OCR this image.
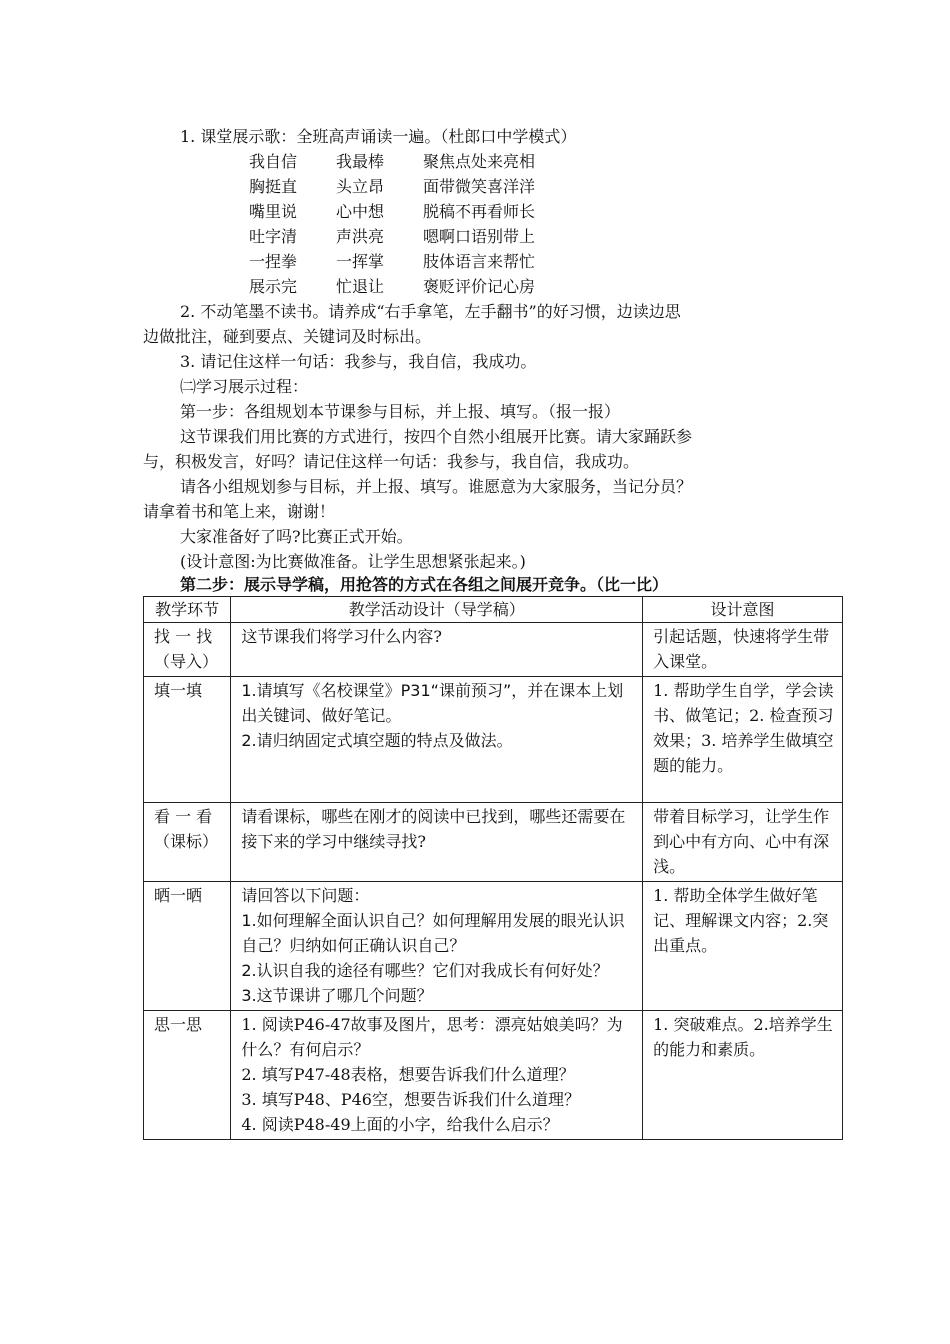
1. 课堂展示歌：全班高声诵读一遍。（杜郎口中学模式）
我自信 我最棒 聚焦点处来亮相
胸挺直 头立昂 面带微笑喜洋洋
嘴里说 心中想 脱稿不再看师长
吐字清 声洪亮 嗯啊口语别带上
一捏拳 一挥掌 肢体语言来帮忙
展示完 忙退让 褒贬评价记心房
2. 不动笔墨不读书。请养成“右手拿笔，左手翻书”的好习惯，边读边思
边做批注，碰到要点、关键词及时标出。
3. 请记住这样一句话：我参与，我自信，我成功。
㈡学习展示过程：
第一步：各组规划本节课参与目标，并上报、填写。（报一报）
这节课我们用比赛的方式进行，按四个自然小组展开比赛。请大家踊跃参
与，积极发言，好吗？请记住这样一句话：我参与，我自信，我成功。
请各小组规划参与目标，并上报、填写。谁愿意为大家服务，当记分员？
请拿着书和笔上来，谢谢！
大家准备好了吗?比赛正式开始。
(设计意图:为比赛做准备。让学生思想紧张起来。)
第二步：展示导学稿，用抢答的方式在各组之间展开竞争。（比一比）
教学环节	教学活动设计（导学稿）	设计意图

找 一 找
（导入）	这节课我们将学习什么内容?	引起话题，快速将学生带入课堂。

填一填	1.请填写《名校课堂》P31“课前预习”，并在课本上划出关键词、做好笔记。
2.请归纳固定式填空题的特点及做法。	1. 帮助学生自学，学会读书、做笔记；2. 检查预习效果；3. 培养学生做填空题的能力。

看 一 看
（课标）	请看课标，哪些在刚才的阅读中已找到，哪些还需要在接下来的学习中继续寻找?	带着目标学习，让学生作到心中有方向、心中有深浅。

晒一晒	请回答以下问题：
1.如何理解全面认识自己？如何理解用发展的眼光认识自己？归纳如何正确认识自己？
2.认识自我的途径有哪些？它们对我成长有何好处？
3.这节课讲了哪几个问题？	1. 帮助全体学生做好笔记、理解课文内容；2.突出重点。

思一思	1. 阅读P46-47故事及图片，思考：漂亮姑娘美吗？为什么？有何启示？
2. 填写P47-48表格，想要告诉我们什么道理？
3. 填写P48、P46空，想要告诉我们什么道理？
4. 阅读P48-49上面的小字，给我什么启示？	1. 突破难点。2.培养学生的能力和素质。
